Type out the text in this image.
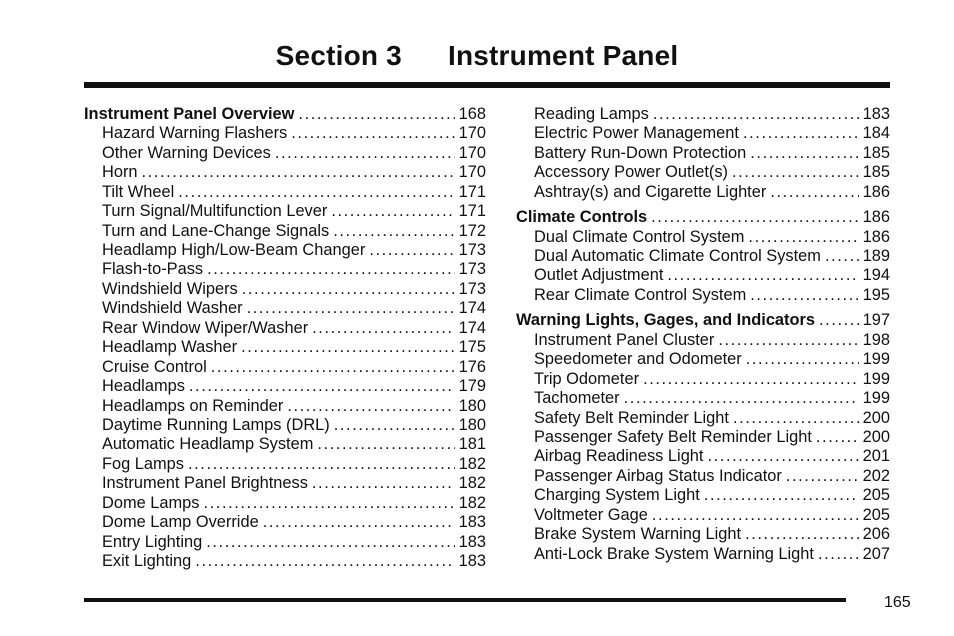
Section 3 Instrument Panel
Instrument Panel Overview .....	168
Hazard Warning Flashers .....	170
Other Warning Devices .....	170
Horn .....	170
Tilt Wheel .....	171
Turn Signal/Multifunction Lever .....	171
Turn and Lane-Change Signals .....	172
Headlamp High/Low-Beam Changer .....	173
Flash-to-Pass .....	173
Windshield Wipers .....	173
Windshield Washer .....	174
Rear Window Wiper/Washer .....	174
Headlamp Washer .....	175
Cruise Control .....	176
Headlamps .....	179
Headlamps on Reminder .....	180
Daytime Running Lamps (DRL) .....	180
Automatic Headlamp System .....	181
Fog Lamps .....	182
Instrument Panel Brightness .....	182
Dome Lamps .....	182
Dome Lamp Override .....	183
Entry Lighting .....	183
Exit Lighting .....	183
Reading Lamps .....	183
Electric Power Management .....	184
Battery Run-Down Protection .....	185
Accessory Power Outlet(s) .....	185
Ashtray(s) and Cigarette Lighter .....	186
Climate Controls .....	186
Dual Climate Control System .....	186
Dual Automatic Climate Control System .....	189
Outlet Adjustment .....	194
Rear Climate Control System .....	195
Warning Lights, Gages, and Indicators .....	197
Instrument Panel Cluster .....	198
Speedometer and Odometer .....	199
Trip Odometer .....	199
Tachometer .....	199
Safety Belt Reminder Light .....	200
Passenger Safety Belt Reminder Light .....	200
Airbag Readiness Light .....	201
Passenger Airbag Status Indicator .....	202
Charging System Light .....	205
Voltmeter Gage .....	205
Brake System Warning Light .....	206
Anti-Lock Brake System Warning Light .....	207
165
